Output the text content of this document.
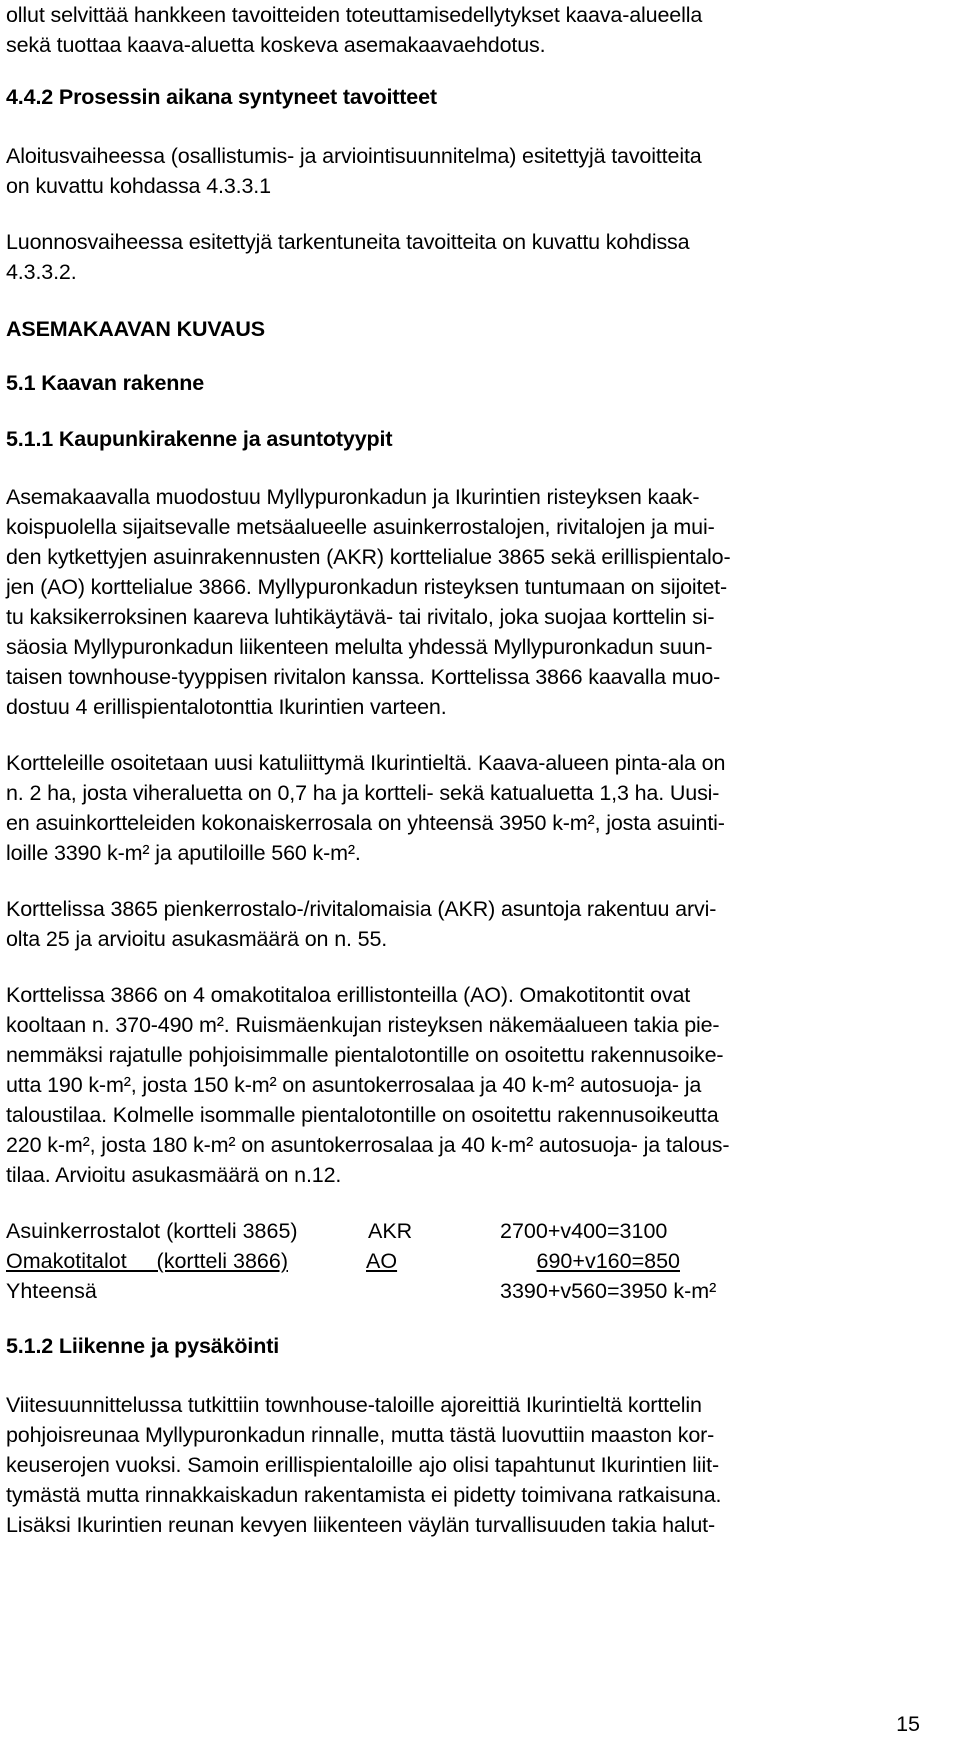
ollut selvittää hankkeen tavoitteiden toteuttamisedellytykset kaava-alueella
sekä tuottaa kaava-aluetta koskeva asemakaavaehdotus.
4.4.2 Prosessin aikana syntyneet tavoitteet
Aloitusvaiheessa (osallistumis- ja arviointisuunnitelma) esitettyjä tavoitteita
on kuvattu kohdassa 4.3.3.1
Luonnosvaiheessa esitettyjä tarkentuneita tavoitteita on kuvattu kohdissa
4.3.3.2.
ASEMAKAAVAN KUVAUS
5.1 Kaavan rakenne
5.1.1 Kaupunkirakenne ja asuntotyypit
Asemakaavalla muodostuu Myllypuronkadun ja Ikurintien risteyksen kaak-
koispuolella sijaitsevalle metsäalueelle asuinkerrostalojen, rivitalojen ja mui-
den kytkettyjen asuinrakennusten (AKR) korttelialue 3865 sekä erillispientalo-
jen (AO) korttelialue 3866. Myllypuronkadun risteyksen tuntumaan on sijoitet-
tu kaksikerroksinen kaareva luhtikäytävä- tai rivitalo, joka suojaa korttelin si-
säosia Myllypuronkadun liikenteen melulta yhdessä Myllypuronkadun suun-
taisen townhouse-tyyppisen rivitalon kanssa. Korttelissa 3866 kaavalla muo-
dostuu 4 erillispientalotonttia Ikurintien varteen.
Kortteleille osoitetaan uusi katuliittymä Ikurintieltä. Kaava-alueen pinta-ala on
n. 2 ha, josta viheraluetta on 0,7 ha ja kortteli- sekä katualuetta 1,3 ha. Uusi-
en asuinkortteleiden kokonaiskerrosala on yhteensä 3950 k-m², josta asuinti-
loille 3390 k-m² ja aputiloille 560 k-m².
Korttelissa 3865 pienkerrostalo-/rivitalomaisia (AKR) asuntoja rakentuu arvi-
olta 25 ja arvioitu asukasmäärä on n. 55.
Korttelissa 3866 on 4 omakotitaloa erillistonteilla (AO). Omakotitontit ovat
kooltaan n. 370-490 m². Ruismäenkujan risteyksen näkemäalueen takia pie-
nemmäksi rajatulle pohjoisimmalle pientalotontille on osoitettu rakennusoike-
utta 190 k-m², josta 150 k-m² on asuntokerrosalaa ja 40 k-m² autosuoja- ja
taloustilaa. Kolmelle isommalle pientalotontille on osoitettu rakennusoikeutta
220 k-m², josta 180 k-m² on asuntokerrosalaa ja 40 k-m² autosuoja- ja talous-
tilaa. Arvioitu asukasmäärä on n.12.
Asuinkerrostalot (kortteli 3865)	AKR	2700+v400=3100
Omakotitalot     (kortteli 3866)	AO	690+v160=850
Yhteensä	3390+v560=3950 k-m²
5.1.2 Liikenne ja pysäköinti
Viitesuunnittelussa tutkittiin townhouse-taloille ajoreittiä Ikurintieltä korttelin
pohjoisreunaa Myllypuronkadun rinnalle, mutta tästä luovuttiin maaston kor-
keuserojen vuoksi. Samoin erillispientaloille ajo olisi tapahtunut Ikurintien liit-
tymästä mutta rinnakkaiskadun rakentamista ei pidetty toimivana ratkaisuna.
Lisäksi Ikurintien reunan kevyen liikenteen väylän turvallisuuden takia halut-
15
